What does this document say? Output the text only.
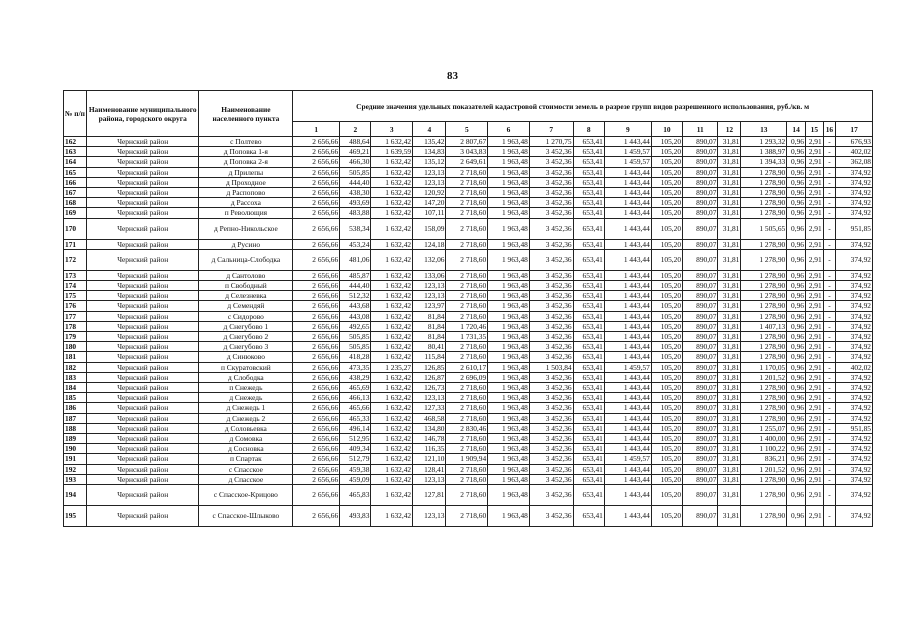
83
№ п/п	Наименование муниципального района, городского округа	Наименование населенного пункта	Средние значения удельных показателей кадастровой стоимости земель в разрезе групп видов разрешенного использования, руб./кв. м																
			1	2	3	4	5	6	7	8	9	10	11	12	13	14	15	16	17
162	Чернский район	с Полтево	2 656,66	488,64	1 632,42	135,42	2 807,67	1 963,48	1 270,75	653,41	1 443,44	105,20	890,07	31,81	1 293,32	0,96	2,91	-	676,93
163	Чернский район	д Поповка 1-я	2 656,66	469,21	1 639,59	134,83	3 043,83	1 963,48	3 452,36	653,41	1 459,57	105,20	890,07	31,81	1 388,97	0,96	2,91	-	402,02
164	Чернский район	д Поповка 2-я	2 656,66	466,30	1 632,42	135,12	2 649,61	1 963,48	3 452,36	653,41	1 459,57	105,20	890,07	31,81	1 394,33	0,96	2,91	-	362,08
165	Чернский район	д Прилепы	2 656,66	505,85	1 632,42	123,13	2 718,60	1 963,48	3 452,36	653,41	1 443,44	105,20	890,07	31,81	1 278,90	0,96	2,91	-	374,92
166	Чернский район	д Проходное	2 656,66	444,40	1 632,42	123,13	2 718,60	1 963,48	3 452,36	653,41	1 443,44	105,20	890,07	31,81	1 278,90	0,96	2,91	-	374,92
167	Чернский район	д Распопово	2 656,66	438,30	1 632,42	120,92	2 718,60	1 963,48	3 452,36	653,41	1 443,44	105,20	890,07	31,81	1 278,90	0,96	2,91	-	374,92
168	Чернский район	д Рассоха	2 656,66	493,69	1 632,42	147,20	2 718,60	1 963,48	3 452,36	653,41	1 443,44	105,20	890,07	31,81	1 278,90	0,96	2,91	-	374,92
169	Чернский район	п Револющия	2 656,66	483,88	1 632,42	107,11	2 718,60	1 963,48	3 452,36	653,41	1 443,44	105,20	890,07	31,81	1 278,90	0,96	2,91	-	374,92
170	Чернский район	д Репно-Никольское	2 656,66	538,34	1 632,42	158,09	2 718,60	1 963,48	3 452,36	653,41	1 443,44	105,20	890,07	31,81	1 505,65	0,96	2,91	-	951,85
171	Чернский район	д Русино	2 656,66	453,24	1 632,42	124,18	2 718,60	1 963,48	3 452,36	653,41	1 443,44	105,20	890,07	31,81	1 278,90	0,96	2,91	-	374,92
172	Чернский район	д Сальница-Слободка	2 656,66	481,06	1 632,42	132,06	2 718,60	1 963,48	3 452,36	653,41	1 443,44	105,20	890,07	31,81	1 278,90	0,96	2,91	-	374,92
173	Чернский район	д Сантолово	2 656,66	485,87	1 632,42	133,06	2 718,60	1 963,48	3 452,36	653,41	1 443,44	105,20	890,07	31,81	1 278,90	0,96	2,91	-	374,92
174	Чернский район	п Свободный	2 656,66	444,40	1 632,42	123,13	2 718,60	1 963,48	3 452,36	653,41	1 443,44	105,20	890,07	31,81	1 278,90	0,96	2,91	-	374,92
175	Чернский район	д Селезневка	2 656,66	512,32	1 632,42	123,13	2 718,60	1 963,48	3 452,36	653,41	1 443,44	105,20	890,07	31,81	1 278,90	0,96	2,91	-	374,92
176	Чернский район	д Семендяй	2 656,66	443,68	1 632,42	123,97	2 718,60	1 963,48	3 452,36	653,41	1 443,44	105,20	890,07	31,81	1 278,90	0,96	2,91	-	374,92
177	Чернский район	с Сидорово	2 656,66	443,08	1 632,42	81,84	2 718,60	1 963,48	3 452,36	653,41	1 443,44	105,20	890,07	31,81	1 278,90	0,96	2,91	-	374,92
178	Чернский район	д Снегубово 1	2 656,66	492,65	1 632,42	81,84	1 720,46	1 963,48	3 452,36	653,41	1 443,44	105,20	890,07	31,81	1 407,13	0,96	2,91	-	374,92
179	Чернский район	д Снегубово 2	2 656,66	505,85	1 632,42	81,84	1 731,35	1 963,48	3 452,36	653,41	1 443,44	105,20	890,07	31,81	1 278,90	0,96	2,91	-	374,92
180	Чернский район	д Снегубово 3	2 656,66	505,85	1 632,42	80,41	2 718,60	1 963,48	3 452,36	653,41	1 443,44	105,20	890,07	31,81	1 278,90	0,96	2,91	-	374,92
181	Чернский район	д Синюково	2 656,66	418,28	1 632,42	115,84	2 718,60	1 963,48	3 452,36	653,41	1 443,44	105,20	890,07	31,81	1 278,90	0,96	2,91	-	374,92
182	Чернский район	п Скуратовский	2 656,66	473,35	1 235,27	126,85	2 610,17	1 963,48	1 503,84	653,41	1 459,57	105,20	890,07	31,81	1 170,05	0,96	2,91	-	402,02
183	Чернский район	д Слободка	2 656,66	438,29	1 632,42	126,87	2 696,09	1 963,48	3 452,36	653,41	1 443,44	105,20	890,07	31,81	1 201,52	0,96	2,91	-	374,92
184	Чернский район	п Снежедь	2 656,66	465,69	1 632,42	126,73	2 718,60	1 963,48	3 452,36	653,41	1 443,44	105,20	890,07	31,81	1 278,90	0,96	2,91	-	374,92
185	Чернский район	д Снежедь	2 656,66	466,13	1 632,42	123,13	2 718,60	1 963,48	3 452,36	653,41	1 443,44	105,20	890,07	31,81	1 278,90	0,96	2,91	-	374,92
186	Чернский район	д Снежедь 1	2 656,66	465,66	1 632,42	127,33	2 718,60	1 963,48	3 452,36	653,41	1 443,44	105,20	890,07	31,81	1 278,90	0,96	2,91	-	374,92
187	Чернский район	д Снежедь 2	2 656,66	465,33	1 632,42	468,58	2 718,60	1 963,48	3 452,36	653,41	1 443,44	105,20	890,07	31,81	1 278,90	0,96	2,91	-	374,92
188	Чернский район	д Соловьевка	2 656,66	496,14	1 632,42	134,80	2 830,46	1 963,48	3 452,36	653,41	1 443,44	105,20	890,07	31,81	1 255,07	0,96	2,91	-	951,85
189	Чернский район	д Сомовка	2 656,66	512,95	1 632,42	146,78	2 718,60	1 963,48	3 452,36	653,41	1 443,44	105,20	890,07	31,81	1 400,00	0,96	2,91	-	374,92
190	Чернский район	д Сосновка	2 656,66	409,34	1 632,42	116,35	2 718,60	1 963,48	3 452,36	653,41	1 443,44	105,20	890,07	31,81	1 100,22	0,96	2,91	-	374,92
191	Чернский район	п Спартак	2 656,66	512,79	1 632,42	121,10	1 909,94	1 963,48	3 452,36	653,41	1 459,57	105,20	890,07	31,81	836,21	0,96	2,91	-	374,92
192	Чернский район	с Спасское	2 656,66	459,38	1 632,42	128,41	2 718,60	1 963,48	3 452,36	653,41	1 443,44	105,20	890,07	31,81	1 201,52	0,96	2,91	-	374,92
193	Чернский район	д Спасское	2 656,66	459,09	1 632,42	123,13	2 718,60	1 963,48	3 452,36	653,41	1 443,44	105,20	890,07	31,81	1 278,90	0,96	2,91	-	374,92
194	Чернский район	с Спасское-Крицово	2 656,66	465,83	1 632,42	127,81	2 718,60	1 963,48	3 452,36	653,41	1 443,44	105,20	890,07	31,81	1 278,90	0,96	2,91	-	374,92
195	Чернский район	с Спасское-Шлыково	2 656,66	493,83	1 632,42	123,13	2 718,60	1 963,48	3 452,36	653,41	1 443,44	105,20	890,07	31,81	1 278,90	0,96	2,91	-	374,92
